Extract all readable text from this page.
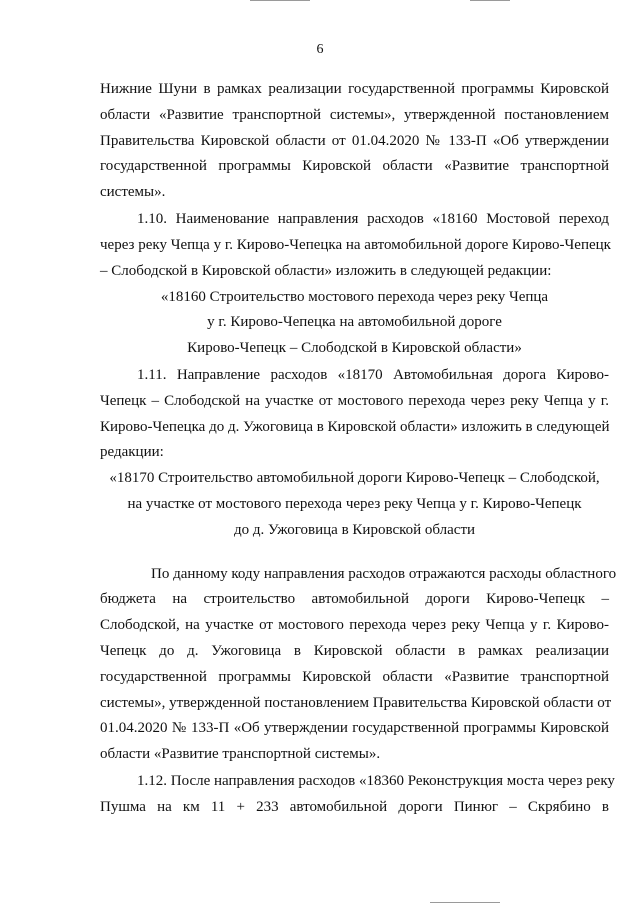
6
Нижние Шуни в рамках реализации государственной программы Кировской
области «Развитие транспортной системы», утвержденной постановлением
Правительства Кировской области от 01.04.2020 № 133-П «Об утверждении
государственной программы Кировской области «Развитие транспортной
системы».
1.10. Наименование направления расходов «18160 Мостовой переход
через реку Чепца у г. Кирово-Чепецка на автомобильной дороге Кирово-Чепецк
– Слободской в Кировской области» изложить в следующей редакции:
«18160 Строительство мостового перехода через реку Чепца
у г. Кирово-Чепецка на автомобильной дороге
Кирово-Чепецк – Слободской в Кировской области»
1.11. Направление расходов «18170 Автомобильная дорога Кирово-
Чепецк – Слободской на участке от мостового перехода через реку Чепца у г.
Кирово-Чепецка до д. Ужоговица в Кировской области» изложить в следующей
редакции:
«18170 Строительство автомобильной дороги Кирово-Чепецк – Слободской,
на участке от мостового перехода через реку Чепца у г. Кирово-Чепецк
до д. Ужоговица в Кировской области
По данному коду направления расходов отражаются расходы областного
бюджета на строительство автомобильной дороги Кирово-Чепецк –
Слободской, на участке от мостового перехода через реку Чепца у г. Кирово-
Чепецк до д. Ужоговица в Кировской области в рамках реализации
государственной программы Кировской области «Развитие транспортной
системы», утвержденной постановлением Правительства Кировской области от
01.04.2020 № 133-П «Об утверждении государственной программы Кировской
области «Развитие транспортной системы».
1.12. После направления расходов «18360 Реконструкция моста через реку
Пушма на км 11 + 233 автомобильной дороги Пинюг – Скрябино в
